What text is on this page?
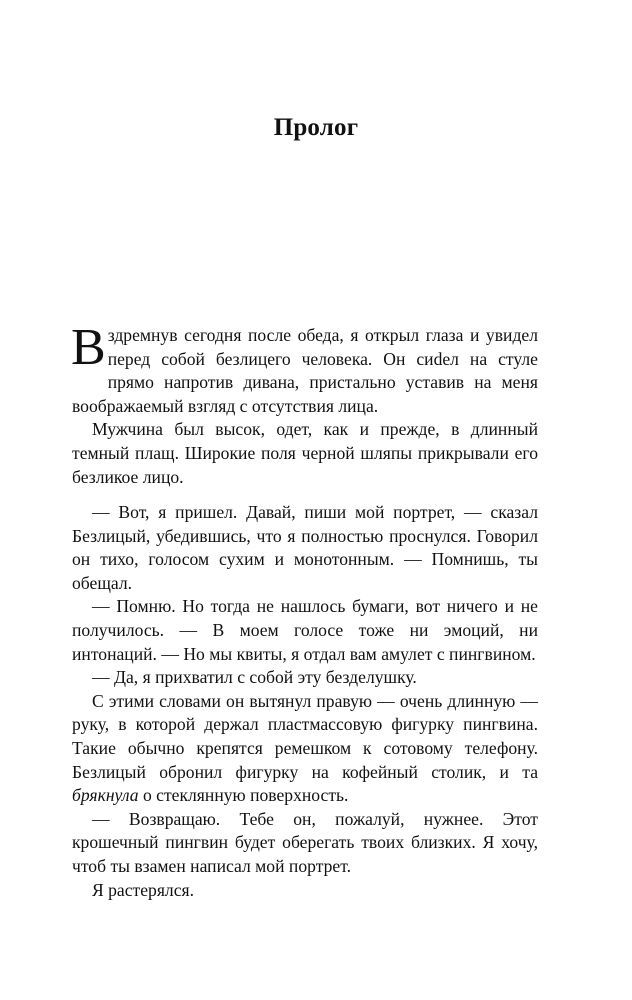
Пролог

Вздремнув сегодня после обеда, я открыл глаза и увидел перед собой безлицего человека. Он сиdел на стуле прямо напротив дивана, пристально уставив на меня воображаемый взгляд с отсутствия лица.

Мужчина был высок, одет, как и прежде, в длинный темный плащ. Широкие поля черной шляпы прикрывали его безликое лицо.

— Вот, я пришел. Давай, пиши мой портрет, — сказал Безлицый, убедившись, что я полностью проснулся. Говорил он тихо, голосом сухим и монотонным. — Помнишь, ты обещал.

— Помню. Но тогда не нашлось бумаги, вот ничего и не получилось. — В моем голосе тоже ни эмоций, ни интонаций. — Но мы квиты, я отдал вам амулет с пингвином.

— Да, я прихватил с собой эту безделушку.

С этими словами он вытянул правую — очень длинную — руку, в которой держал пластмассовую фигурку пингвина. Такие обычно крепятся ремешком к сотовому телефону. Безлицый обронил фигурку на кофейный столик, и та брякнула о стеклянную поверхность.

— Возвращаю. Тебе он, пожалуй, нужнее. Этот крошечный пингвин будет оберегать твоих близких. Я хочу, чтоб ты взамен написал мой портрет.

Я растерялся.
